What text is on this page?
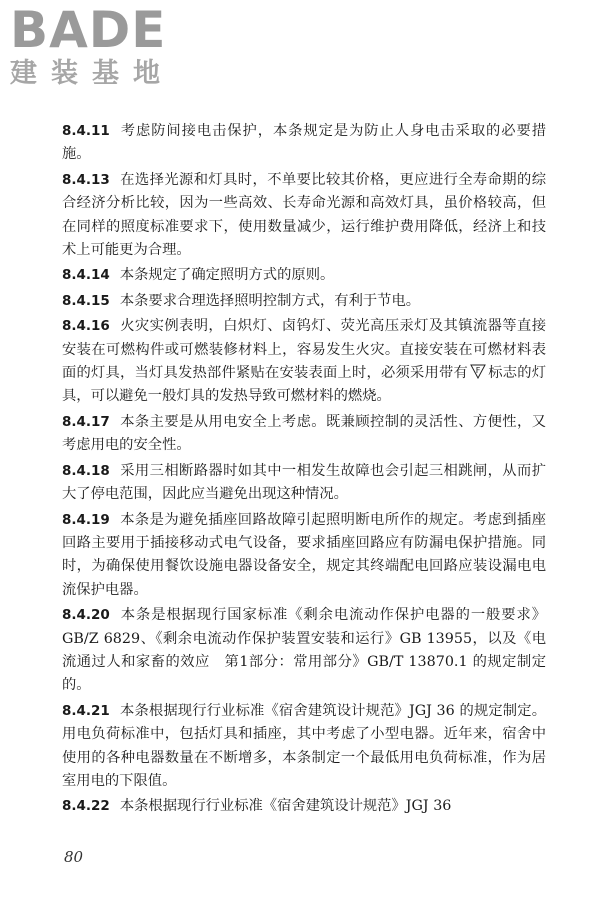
BADE
建装基地

8.4.11 考虑防间接电击保护，本条规定是为防止人身电击采取的必要措施。

8.4.13 在选择光源和灯具时，不单要比较其价格，更应进行全寿命期的综合经济分析比较，因为一些高效、长寿命光源和高效灯具，虽价格较高，但在同样的照度标准要求下，使用数量减少，运行维护费用降低，经济上和技术上可能更为合理。

8.4.14 本条规定了确定照明方式的原则。

8.4.15 本条要求合理选择照明控制方式，有利于节电。

8.4.16 火灾实例表明，白炽灯、卤钨灯、荧光高压汞灯及其镇流器等直接安装在可燃构件或可燃装修材料上，容易发生火灾。直接安装在可燃材料表面的灯具，当灯具发热部件紧贴在安装表面上时，必须采用带有 F 标志的灯具，可以避免一般灯具的发热导致可燃材料的燃烧。

8.4.17 本条主要是从用电安全上考虑。既兼顾控制的灵活性、方便性，又考虑用电的安全性。

8.4.18 采用三相断路器时如其中一相发生故障也会引起三相跳闸，从而扩大了停电范围，因此应当避免出现这种情况。

8.4.19 本条是为避免插座回路故障引起照明断电所作的规定。考虑到插座回路主要用于插接移动式电气设备，要求插座回路应有防漏电保护措施。同时，为确保使用餐饮设施电器设备安全，规定其终端配电回路应装设漏电电流保护电器。

8.4.20 本条是根据现行国家标准《剩余电流动作保护电器的一般要求》GB/Z 6829、《剩余电流动作保护装置安装和运行》GB 13955，以及《电流通过人和家畜的效应　第1部分：常用部分》GB/T 13870.1 的规定制定的。

8.4.21 本条根据现行行业标准《宿舍建筑设计规范》JGJ 36 的规定制定。用电负荷标准中，包括灯具和插座，其中考虑了小型电器。近年来，宿舍中使用的各种电器数量在不断增多，本条制定一个最低用电负荷标准，作为居室用电的下限值。

8.4.22 本条根据现行行业标准《宿舍建筑设计规范》JGJ 36

80
